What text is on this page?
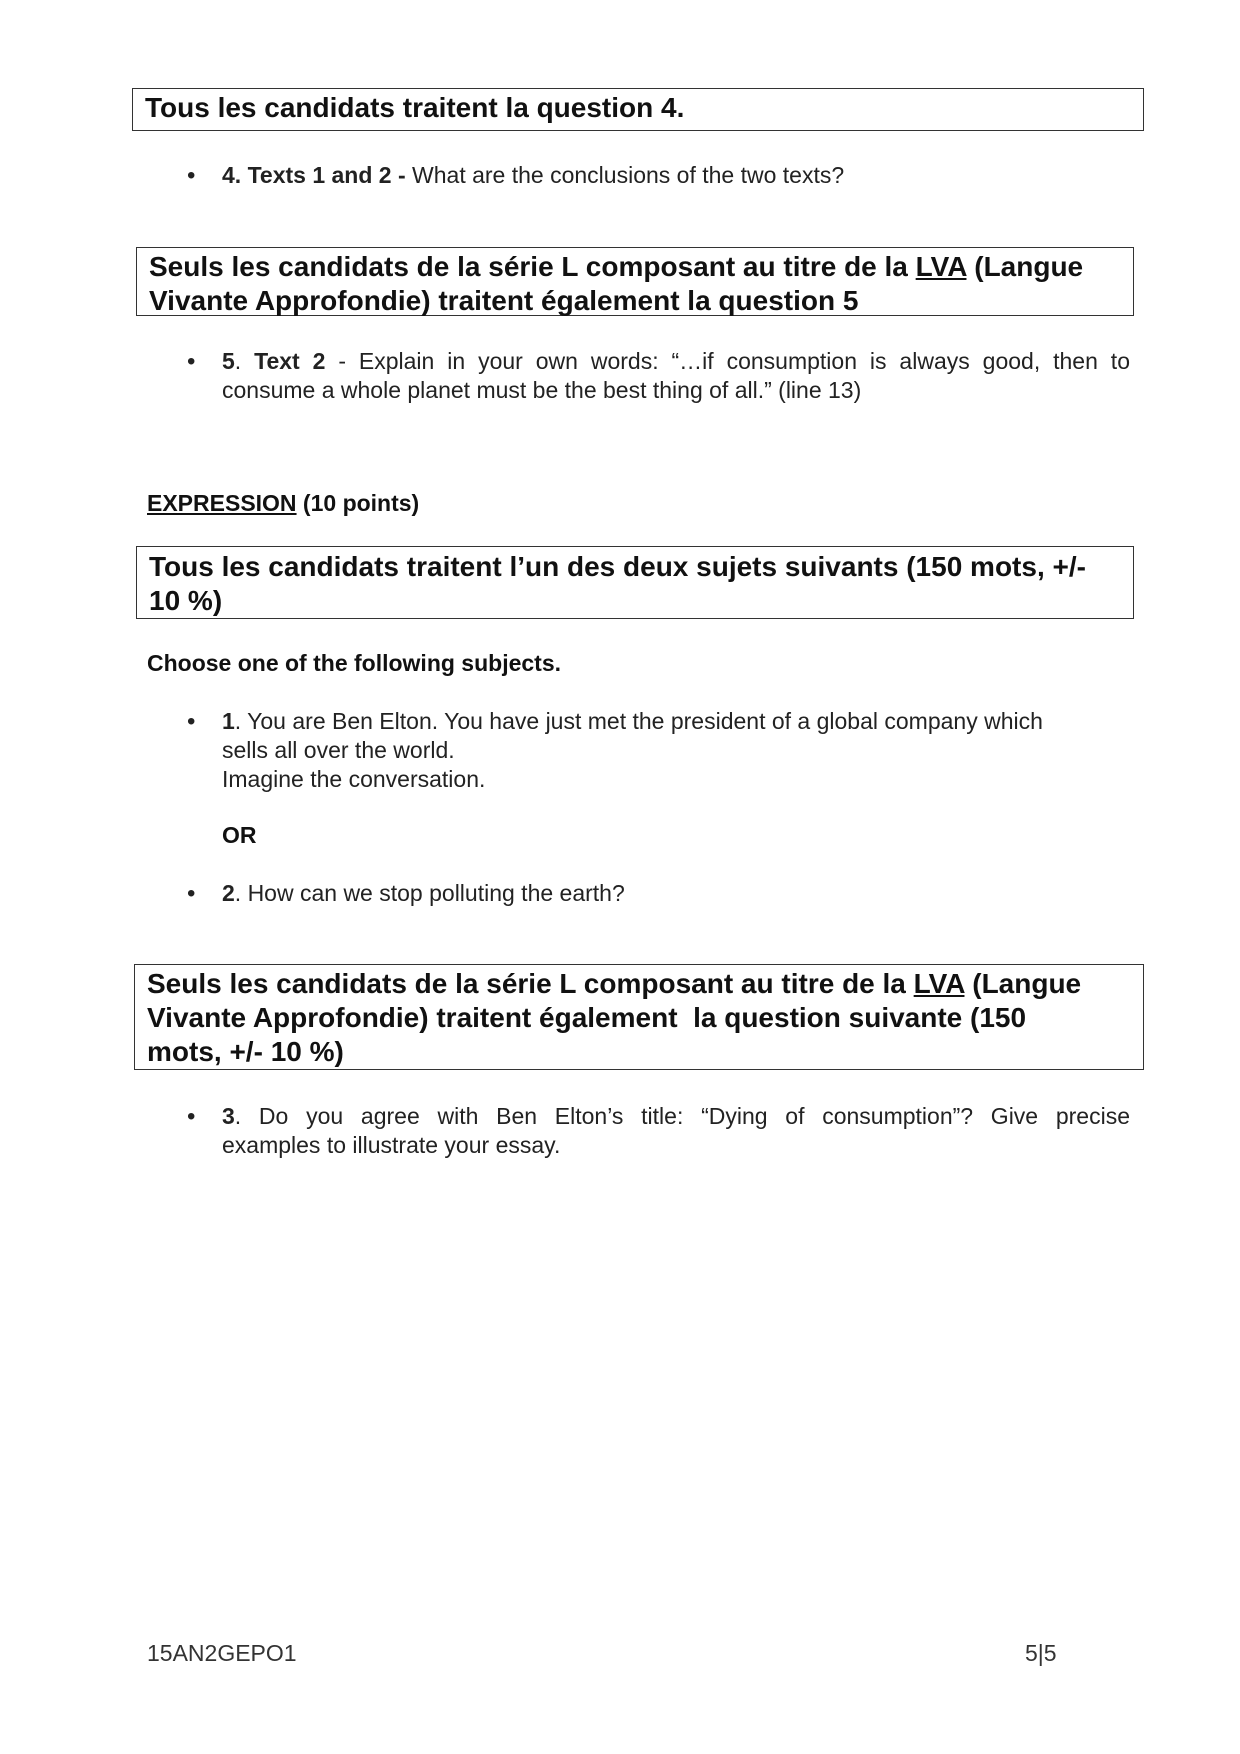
Tous les candidats traitent la question 4.
• 4. Texts 1 and 2 - What are the conclusions of the two texts?
Seuls les candidats de la série L composant au titre de la LVA (Langue
Vivante Approfondie) traitent également la question 5
• 5. Text 2 - Explain in your own words: “…if consumption is always good, then to
consume a whole planet must be the best thing of all.” (line 13)
EXPRESSION (10 points)
Tous les candidats traitent l’un des deux sujets suivants (150 mots, +/-
10 %)
Choose one of the following subjects.
• 1. You are Ben Elton. You have just met the president of a global company which
sells all over the world.
Imagine the conversation.
OR
• 2. How can we stop polluting the earth?
Seuls les candidats de la série L composant au titre de la LVA (Langue
Vivante Approfondie) traitent également  la question suivante (150
mots, +/- 10 %)
• 3. Do you agree with Ben Elton’s title: “Dying of consumption”? Give precise
examples to illustrate your essay.
15AN2GEPO1	5|5
